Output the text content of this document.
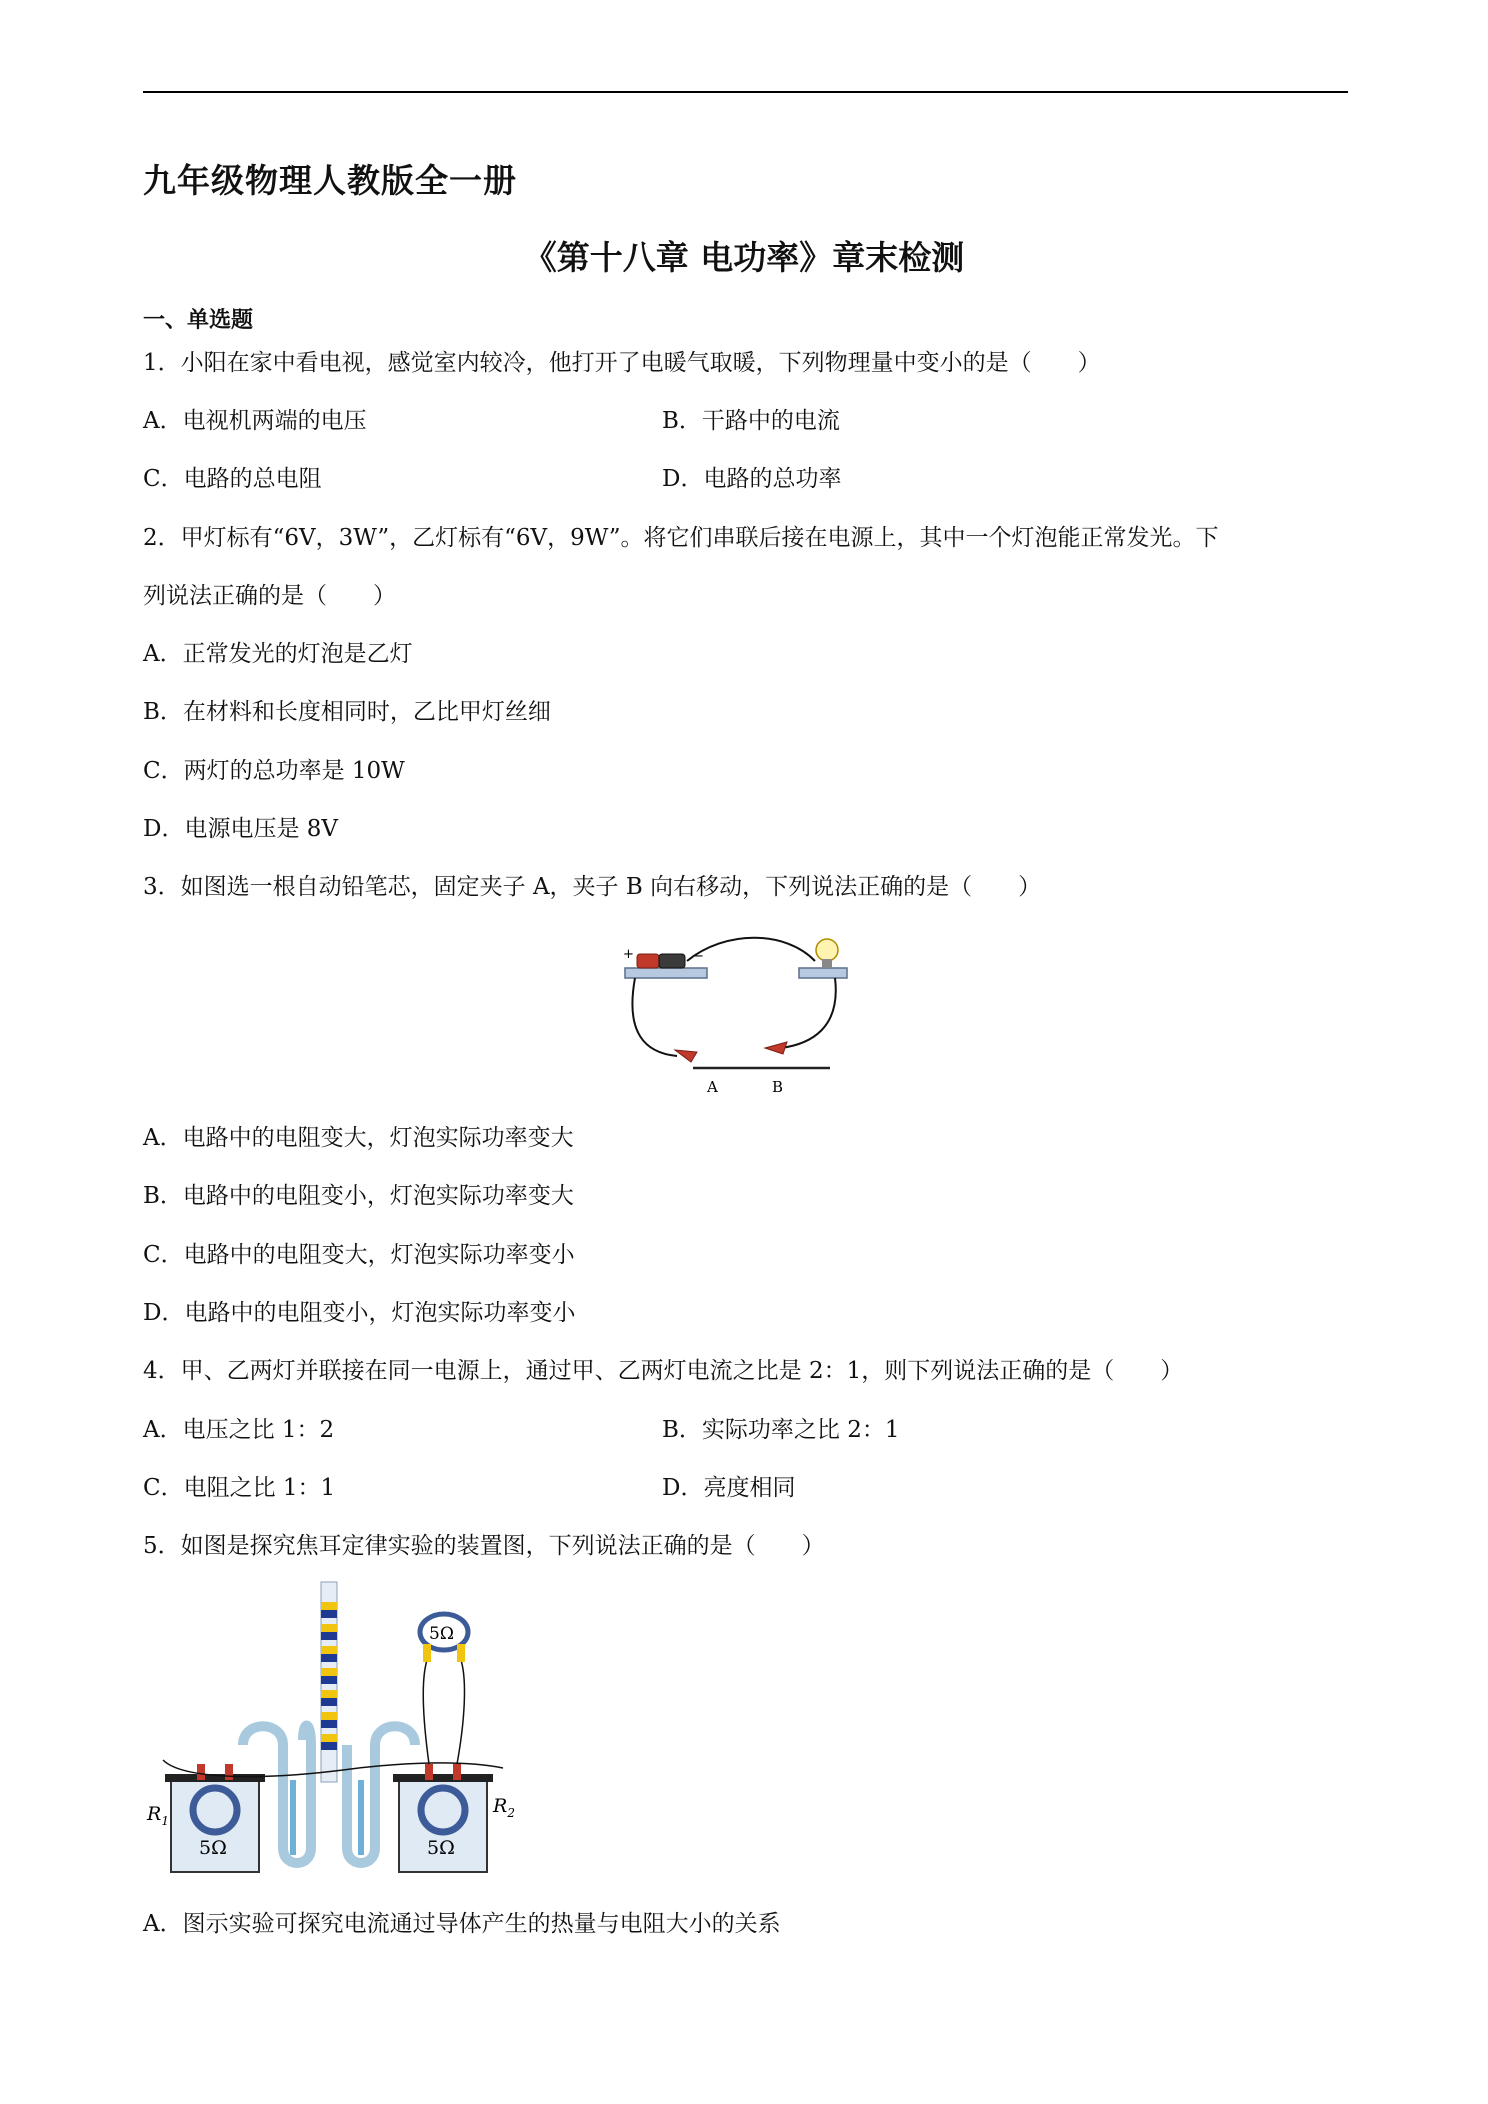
九年级物理人教版全一册
《第十八章 电功率》章末检测
一、单选题
1．小阳在家中看电视，感觉室内较冷，他打开了电暖气取暖，下列物理量中变小的是（　　）
A．电视机两端的电压	B．干路中的电流
C．电路的总电阻	D．电路的总功率
2．甲灯标有“6V，3W”，乙灯标有“6V，9W”。将它们串联后接在电源上，其中一个灯泡能正常发光。下
列说法正确的是（　　）
A．正常发光的灯泡是乙灯
B．在材料和长度相同时，乙比甲灯丝细
C．两灯的总功率是 10W
D．电源电压是 8V
3．如图选一根自动铅笔芯，固定夹子 A，夹子 B 向右移动，下列说法正确的是（　　）
+	−
A	B
A．电路中的电阻变大，灯泡实际功率变大
B．电路中的电阻变小，灯泡实际功率变大
C．电路中的电阻变大，灯泡实际功率变小
D．电路中的电阻变小，灯泡实际功率变小
4．甲、乙两灯并联接在同一电源上，通过甲、乙两灯电流之比是 2：1，则下列说法正确的是（　　）
A．电压之比 1：2	B．实际功率之比 2：1
C．电阻之比 1：1	D．亮度相同
5．如图是探究焦耳定律实验的装置图，下列说法正确的是（　　）
5Ω
5Ω	5Ω
$R_1$
$R_2$
A．图示实验可探究电流通过导体产生的热量与电阻大小的关系
